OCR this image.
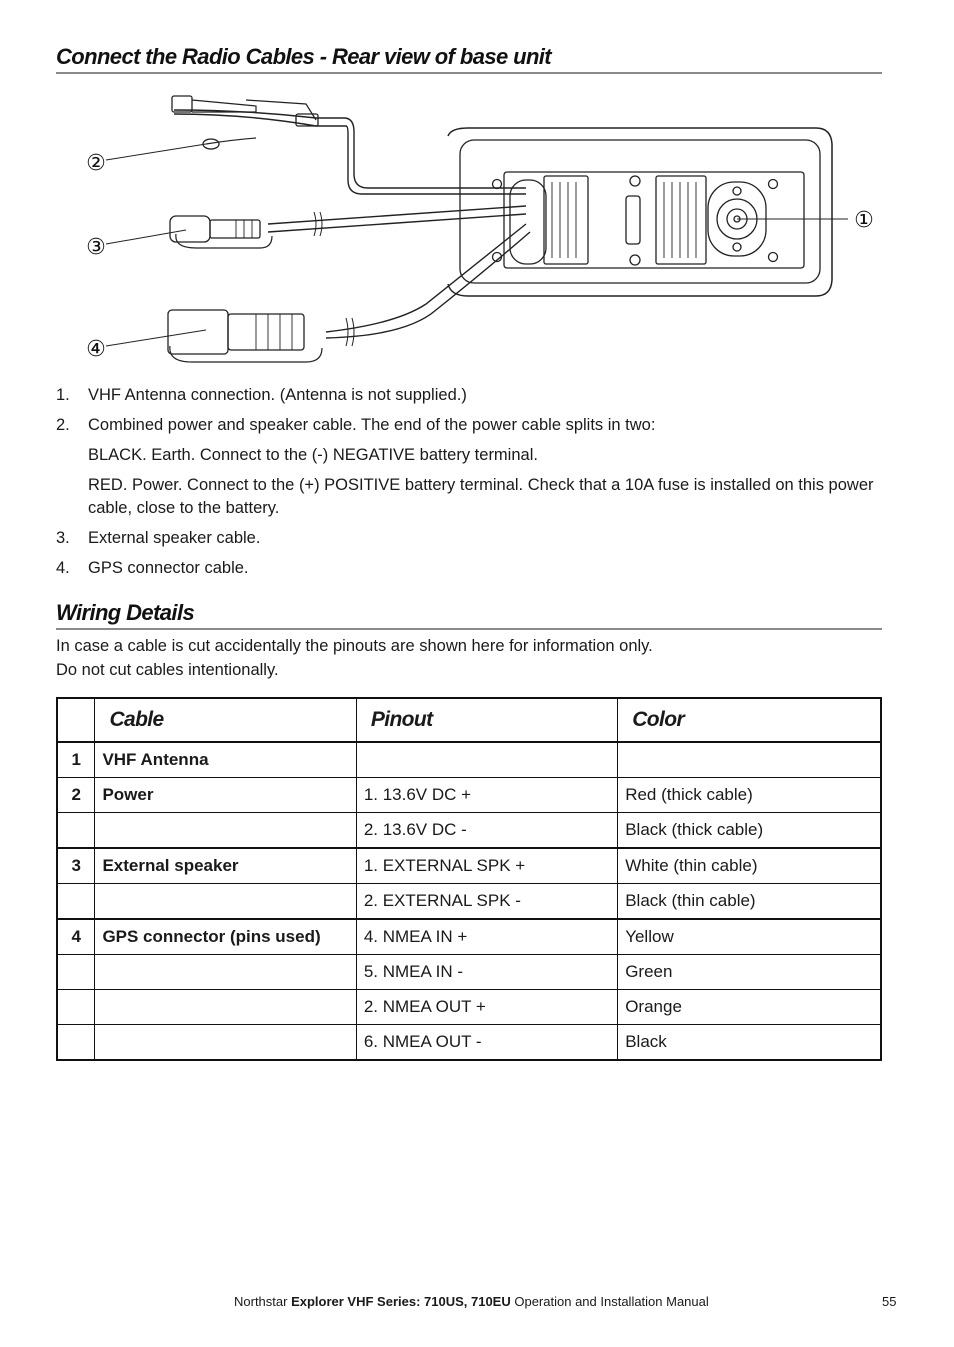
Connect the Radio Cables - Rear view of base unit
①
②
③
④
1. VHF Antenna connection. (Antenna is not supplied.)
2. Combined power and speaker cable. The end of the power cable splits in two:

BLACK. Earth. Connect to the (-) NEGATIVE battery terminal.

RED. Power. Connect to the (+) POSITIVE battery terminal. Check that a 10A fuse is installed on this power cable, close to the battery.

3. External speaker cable.
4. GPS connector cable.
Wiring Details
In case a cable is cut accidentally the pinouts are shown here for information only.
Do not cut cables intentionally.
	Cable	Pinout	Color
1	VHF Antenna		
2	Power	1. 13.6V DC +	Red (thick cable)
		2. 13.6V DC -	Black (thick cable)
3	External speaker	1. EXTERNAL SPK +	White (thin cable)
		2. EXTERNAL SPK -	Black (thin cable)
4	GPS connector (pins used)	4. NMEA IN +	Yellow
		5. NMEA IN -	Green
		2. NMEA OUT +	Orange
		6. NMEA OUT -	Black
Northstar Explorer VHF Series: 710US, 710EU Operation and Installation Manual	55
